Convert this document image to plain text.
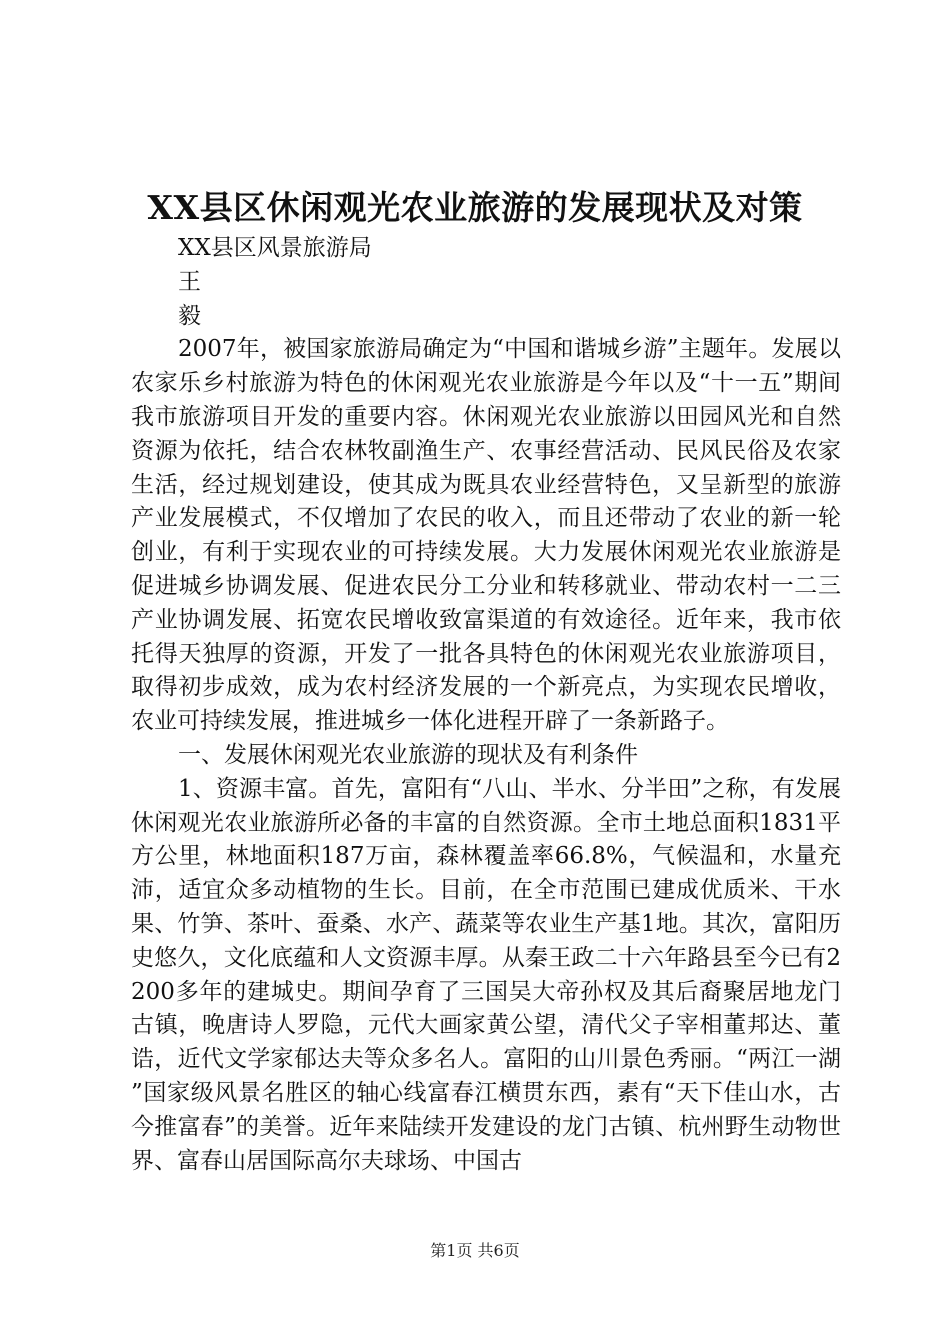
XX县区休闲观光农业旅游的发展现状及对策

XX县区风景旅游局

王

毅

2007年，被国家旅游局确定为“中国和谐城乡游”主题年。发展以农家乐乡村旅游为特色的休闲观光农业旅游是今年以及“十一五”期间我市旅游项目开发的重要内容。休闲观光农业旅游以田园风光和自然资源为依托，结合农林牧副渔生产、农事经营活动、民风民俗及农家生活，经过规划建设，使其成为既具农业经营特色，又呈新型的旅游产业发展模式，不仅增加了农民的收入，而且还带动了农业的新一轮创业，有利于实现农业的可持续发展。大力发展休闲观光农业旅游是促进城乡协调发展、促进农民分工分业和转移就业、带动农村一二三产业协调发展、拓宽农民增收致富渠道的有效途径。近年来，我市依托得天独厚的资源，开发了一批各具特色的休闲观光农业旅游项目，取得初步成效，成为农村经济发展的一个新亮点，为实现农民增收，农业可持续发展，推进城乡一体化进程开辟了一条新路子。

一、发展休闲观光农业旅游的现状及有利条件

1、资源丰富。首先，富阳有“八山、半水、分半田”之称，有发展休闲观光农业旅游所必备的丰富的自然资源。全市土地总面积1831平方公里，林地面积187万亩，森林覆盖率66.8%，气候温和，水量充沛，适宜众多动植物的生长。目前，在全市范围已建成优质米、干水果、竹笋、茶叶、蚕桑、水产、蔬菜等农业生产基1地。其次，富阳历史悠久，文化底蕴和人文资源丰厚。从秦王政二十六年路县至今已有2200多年的建城史。期间孕育了三国吴大帝孙权及其后裔聚居地龙门古镇，晚唐诗人罗隐，元代大画家黄公望，清代父子宰相董邦达、董诰，近代文学家郁达夫等众多名人。富阳的山川景色秀丽。“两江一湖”国家级风景名胜区的轴心线富春江横贯东西，素有“天下佳山水，古今推富春”的美誉。近年来陆续开发建设的龙门古镇、杭州野生动物世界、富春山居国际高尔夫球场、中国古

第1页 共6页
